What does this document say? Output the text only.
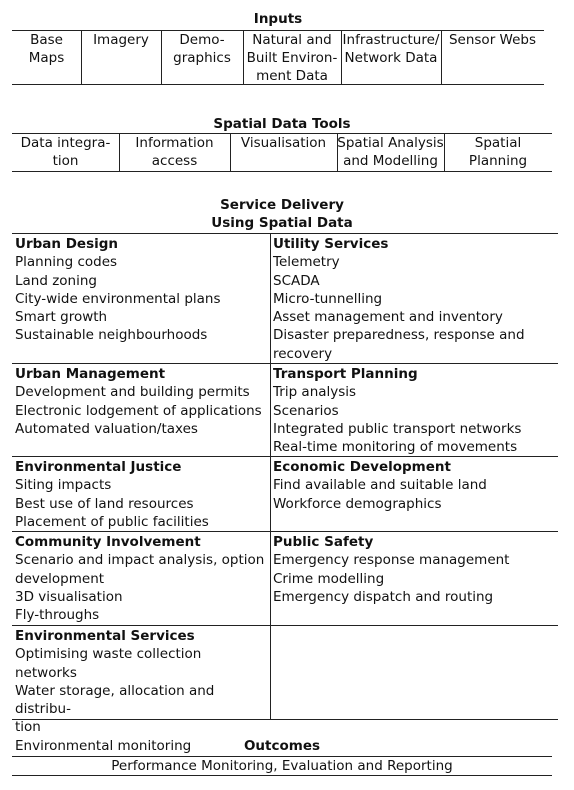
Inputs
Base
Maps
Imagery	Demo-
graphics
Natural and
Built Environ-
ment Data
Infrastructure/
Network Data
Sensor Webs
Spatial Data Tools
Data integra-
tion
Information
access
Visualisation Spatial Analysis
and Modelling
Spatial
Planning
Service Delivery
Using Spatial Data
Urban Design
Planning codes
Land zoning
City-wide environmental plans
Smart growth
Sustainable neighbourhoods
Utility Services
Telemetry
SCADA
Micro-tunnelling
Asset management and inventory
Disaster preparedness, response and
recovery
Urban Management
Development and building permits
Electronic lodgement of applications
Automated valuation/taxes
Transport Planning
Trip analysis
Scenarios
Integrated public transport networks
Real-time monitoring of movements
Environmental Justice
Siting impacts
Best use of land resources
Placement of public facilities
Economic Development
Find available and suitable land
Workforce demographics
Community Involvement
Scenario and impact analysis, option
development
3D visualisation
Fly-throughs
Public Safety
Emergency response management
Crime modelling
Emergency dispatch and routing
Environmental Services
Optimising waste collection networks
Water storage, allocation and distribu-
tion
Environmental monitoring	Outcomes
Performance Monitoring, Evaluation and Reporting
